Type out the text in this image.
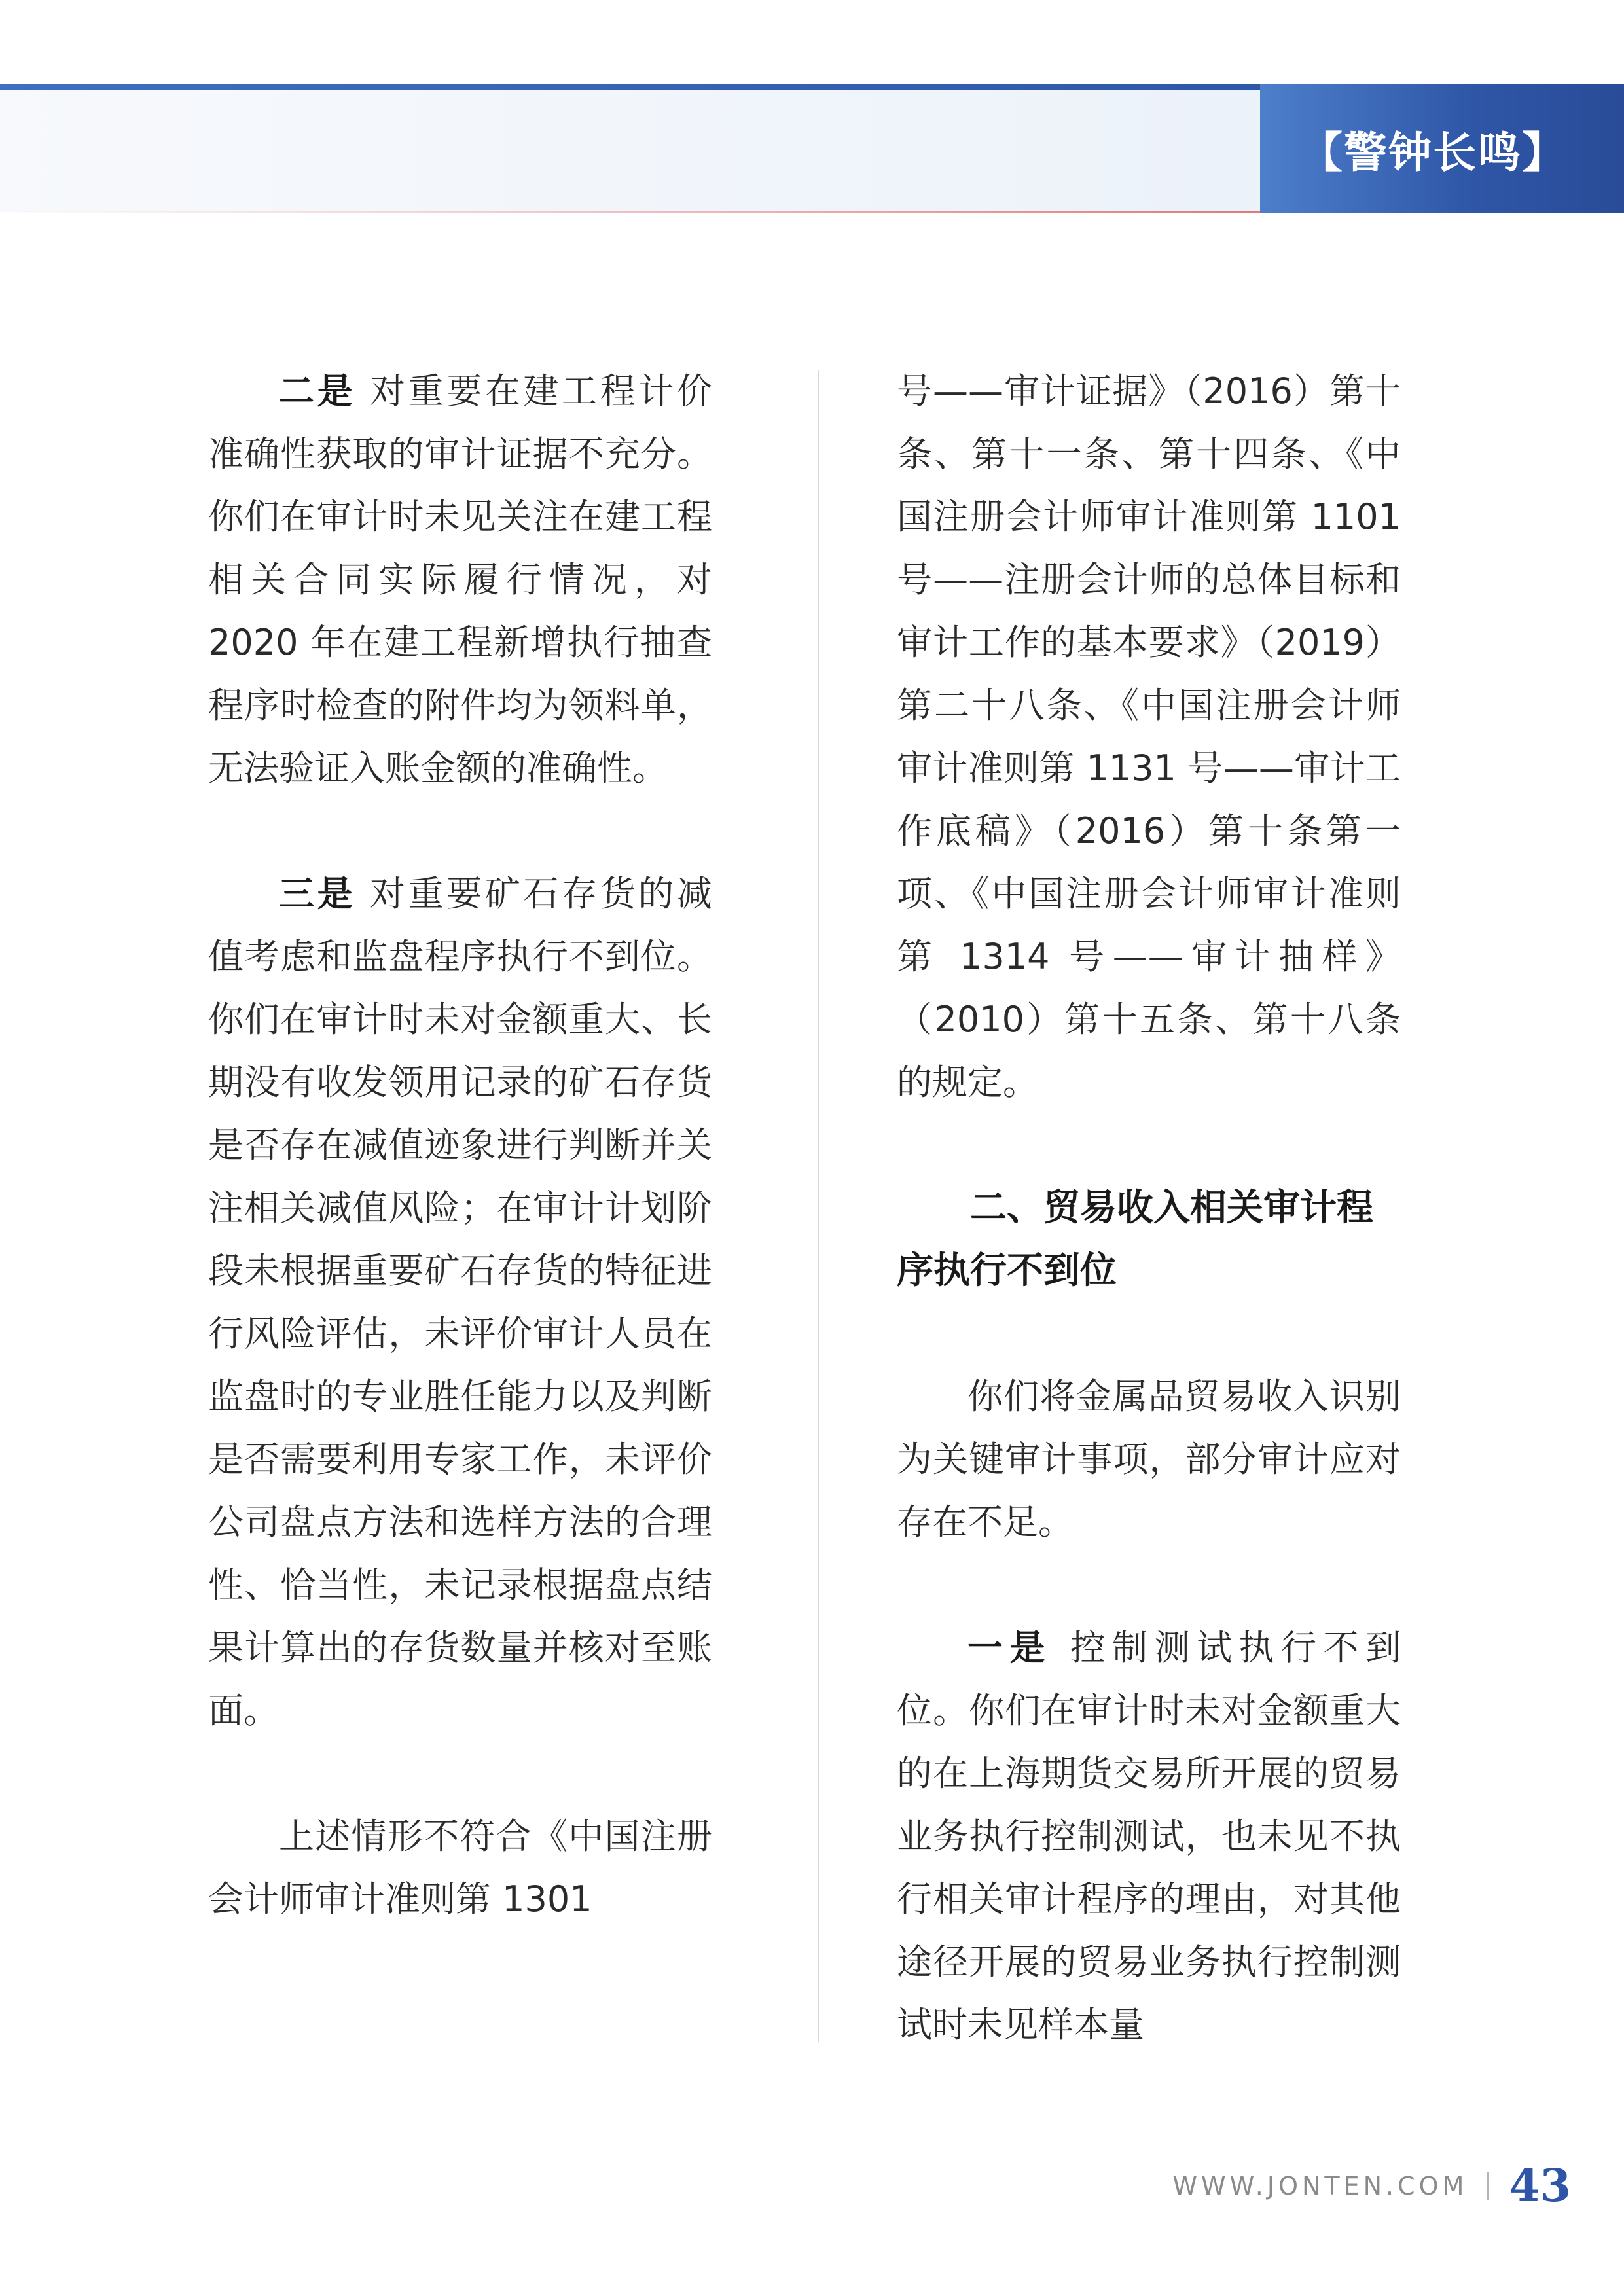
【警钟长鸣】

二是 对重要在建工程计价准确性获取的审计证据不充分。你们在审计时未见关注在建工程相关合同实际履行情况，对 2020 年在建工程新增执行抽查程序时检查的附件均为领料单，无法验证入账金额的准确性。

三是 对重要矿石存货的减值考虑和监盘程序执行不到位。你们在审计时未对金额重大、长期没有收发领用记录的矿石存货是否存在减值迹象进行判断并关注相关减值风险；在审计计划阶段未根据重要矿石存货的特征进行风险评估，未评价审计人员在监盘时的专业胜任能力以及判断是否需要利用专家工作，未评价公司盘点方法和选样方法的合理性、恰当性，未记录根据盘点结果计算出的存货数量并核对至账面。

上述情形不符合《中国注册会计师审计准则第 1301

号——审计证据》（2016）第十条、第十一条、第十四条、《中国注册会计师审计准则第 1101 号——注册会计师的总体目标和审计工作的基本要求》（2019）第二十八条、《中国注册会计师审计准则第 1131 号——审计工作底稿》（2016）第十条第一项、《中国注册会计师审计准则第 1314 号——审计抽样》（2010）第十五条、第十八条的规定。

二、贸易收入相关审计程序执行不到位

你们将金属品贸易收入识别为关键审计事项，部分审计应对存在不足。

一是 控制测试执行不到位。你们在审计时未对金额重大的在上海期货交易所开展的贸易业务执行控制测试，也未见不执行相关审计程序的理由，对其他途径开展的贸易业务执行控制测试时未见样本量

WWW.JONTEN.COM 43
